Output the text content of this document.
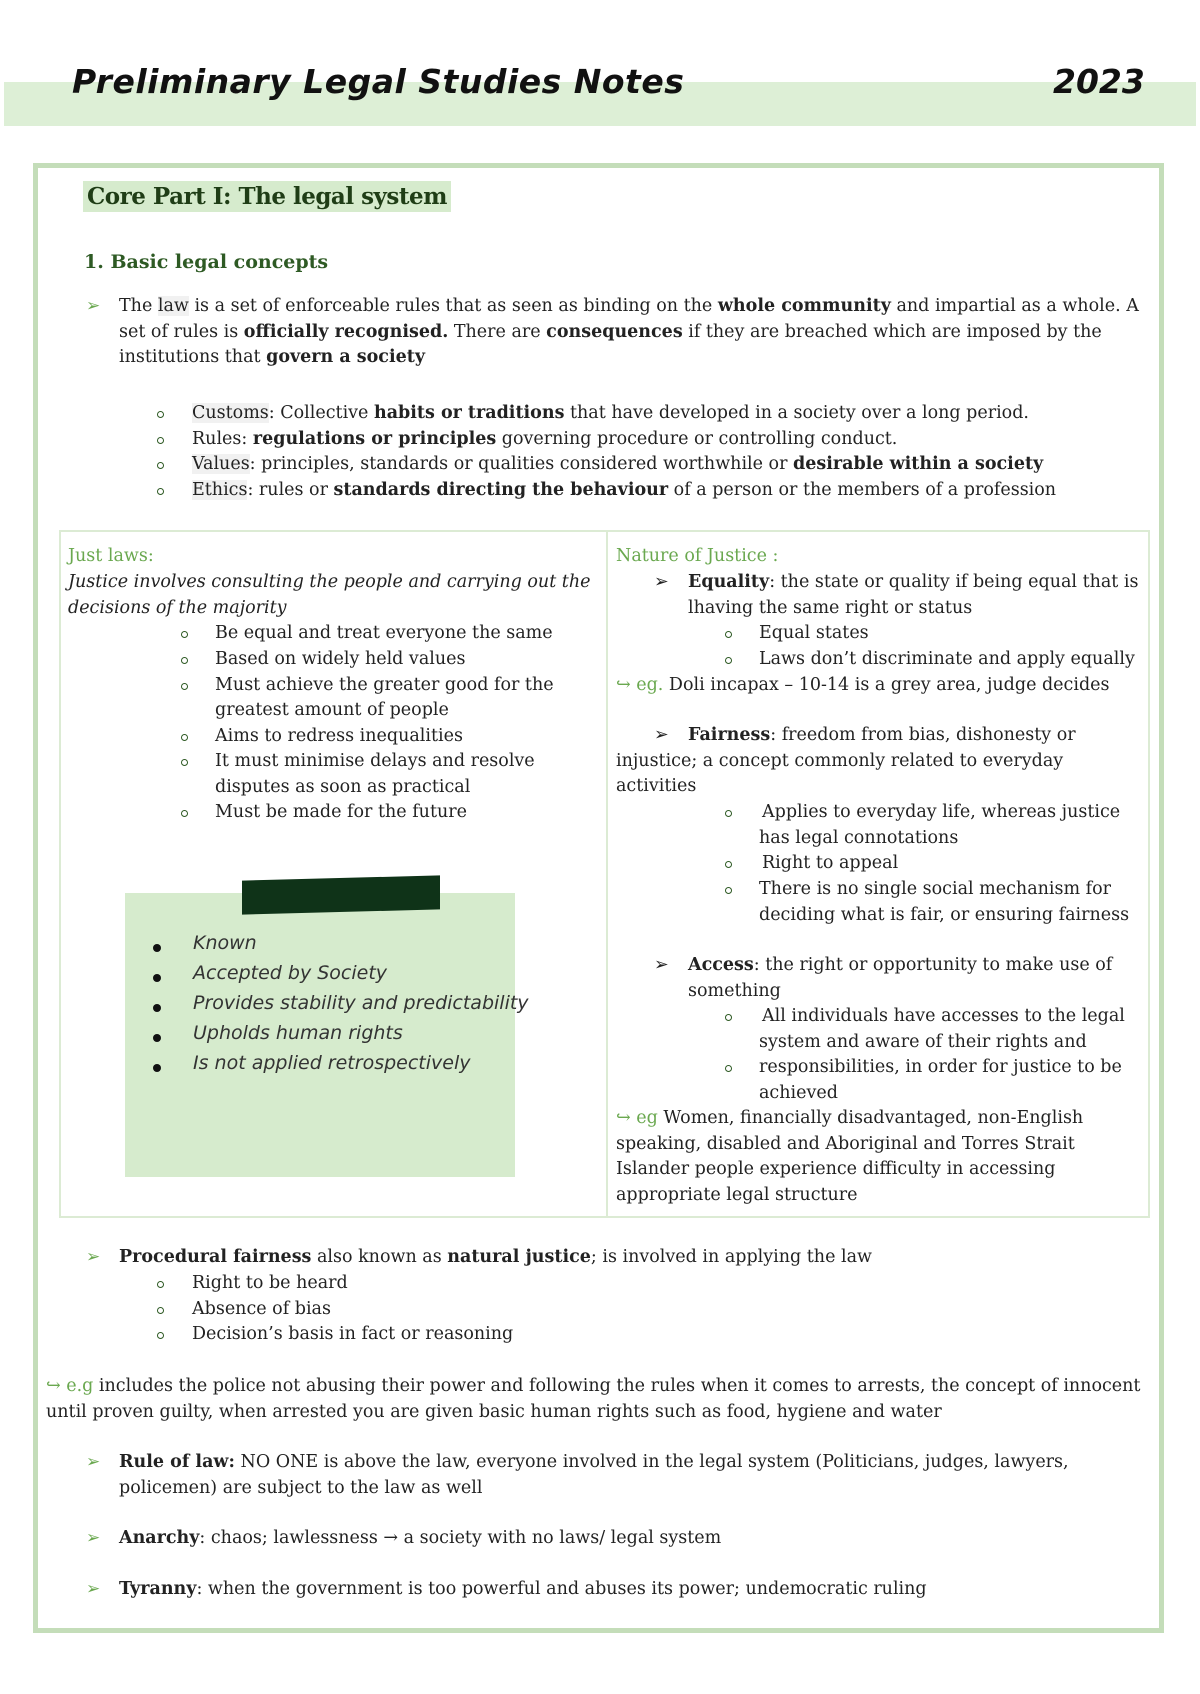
Preliminary Legal Studies Notes	2023
Core Part I: The legal system
1. Basic legal concepts
➢ The law is a set of enforceable rules that as seen as binding on the whole community and impartial as a whole. A
set of rules is officially recognised. There are consequences if they are breached which are imposed by the
institutions that govern a society
Customs: Collective habits or traditions that have developed in a society over a long period.
Rules: regulations or principles governing procedure or controlling conduct.
Values: principles, standards or qualities considered worthwhile or desirable within a society
Ethics: rules or standards directing the behaviour of a person or the members of a profession
Just laws:
Justice involves consulting the people and carrying out the
decisions of the majority
Be equal and treat everyone the same
Based on widely held values
Must achieve the greater good for the
greatest amount of people
Aims to redress inequalities
It must minimise delays and resolve
disputes as soon as practical
Must be made for the future
Known
Accepted by Society
Provides stability and predictability
Upholds human rights
Is not applied retrospectively
Nature of Justice :
➢ Equality: the state or quality if being equal that is
lhaving the same right or status
Equal states
Laws don’t discriminate and apply equally
↪ eg. Doli incapax – 10-14 is a grey area, judge decides
➢	Fairness: freedom from bias, dishonesty or
injustice; a concept commonly related to everyday
activities
Applies to everyday life, whereas justice
has legal connotations
Right to appeal
There is no single social mechanism for
deciding what is fair, or ensuring fairness
➢ Access: the right or opportunity to make use of
something
All individuals have accesses to the legal
system and aware of their rights and
responsibilities, in order for justice to be
achieved
↪ eg Women, financially disadvantaged, non-English
speaking, disabled and Aboriginal and Torres Strait
Islander people experience difficulty in accessing
appropriate legal structure
➢ Procedural fairness also known as natural justice; is involved in applying the law
Right to be heard
Absence of bias
Decision’s basis in fact or reasoning
↪ e.g includes the police not abusing their power and following the rules when it comes to arrests, the concept of innocent
until proven guilty, when arrested you are given basic human rights such as food, hygiene and water
➢ Rule of law: NO ONE is above the law, everyone involved in the legal system (Politicians, judges, lawyers,
policemen) are subject to the law as well
➢ Anarchy: chaos; lawlessness → a society with no laws/ legal system
➢ Tyranny: when the government is too powerful and abuses its power; undemocratic ruling
